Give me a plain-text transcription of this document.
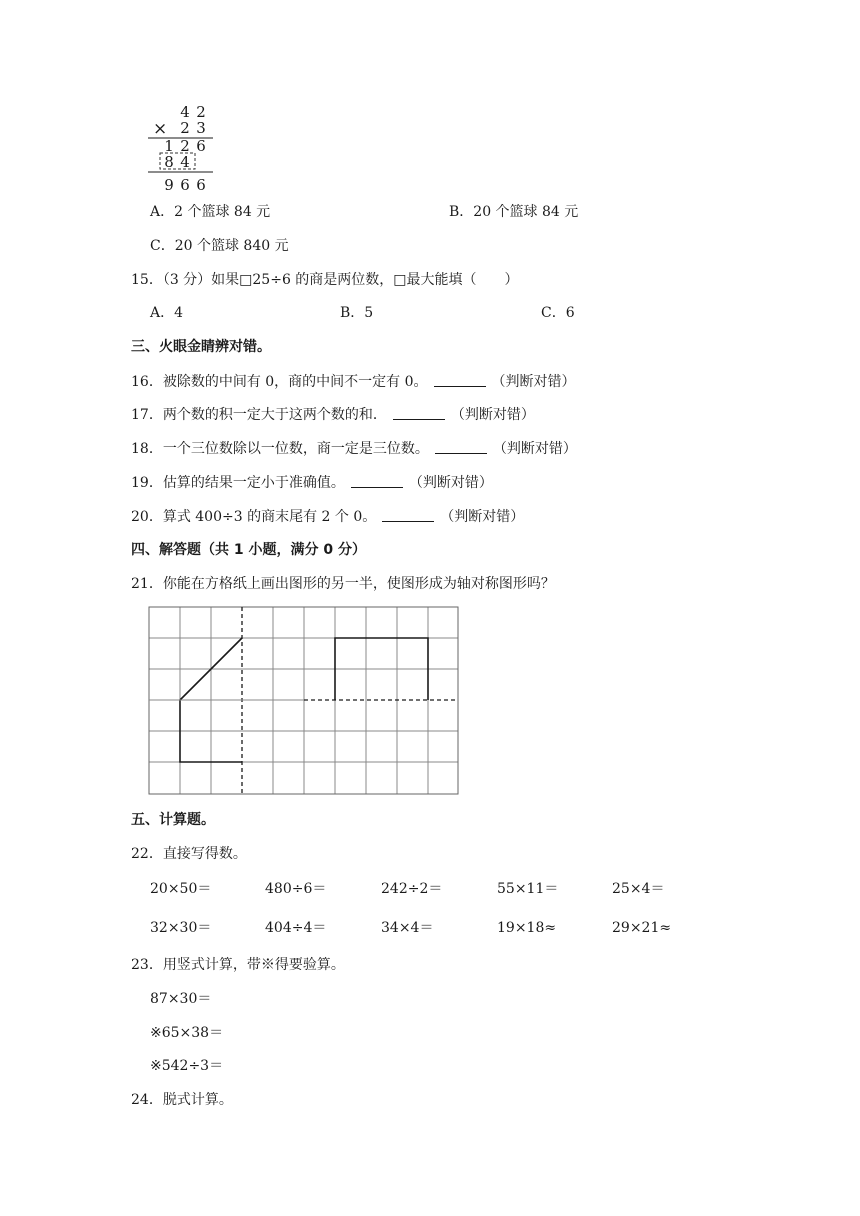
4 2
× 2 3
1 2 6
8 4
9 6 6
A．2 个篮球 84 元	B．20 个篮球 84 元
C．20 个篮球 840 元
15．（3 分）如果□25÷6 的商是两位数，□最大能填（　　）
A．4	B．5	C．6
三、火眼金睛辨对错。
16．被除数的中间有 0，商的中间不一定有 0。	（判断对错）
17．两个数的积一定大于这两个数的和．	（判断对错）
18．一个三位数除以一位数，商一定是三位数。	（判断对错）
19．估算的结果一定小于准确值。	（判断对错）
20．算式 400÷3 的商末尾有 2 个 0。	（判断对错）
四、解答题（共 1 小题，满分 0 分）
21．你能在方格纸上画出图形的另一半，使图形成为轴对称图形吗？
五、计算题。
22．直接写得数。
20×50＝	480÷6＝	242÷2＝	55×11＝	25×4＝
32×30＝	404÷4＝	34×4＝	19×18≈	29×21≈
23．用竖式计算，带※得要验算。
87×30＝
※65×38＝
※542÷3＝
24．脱式计算。
